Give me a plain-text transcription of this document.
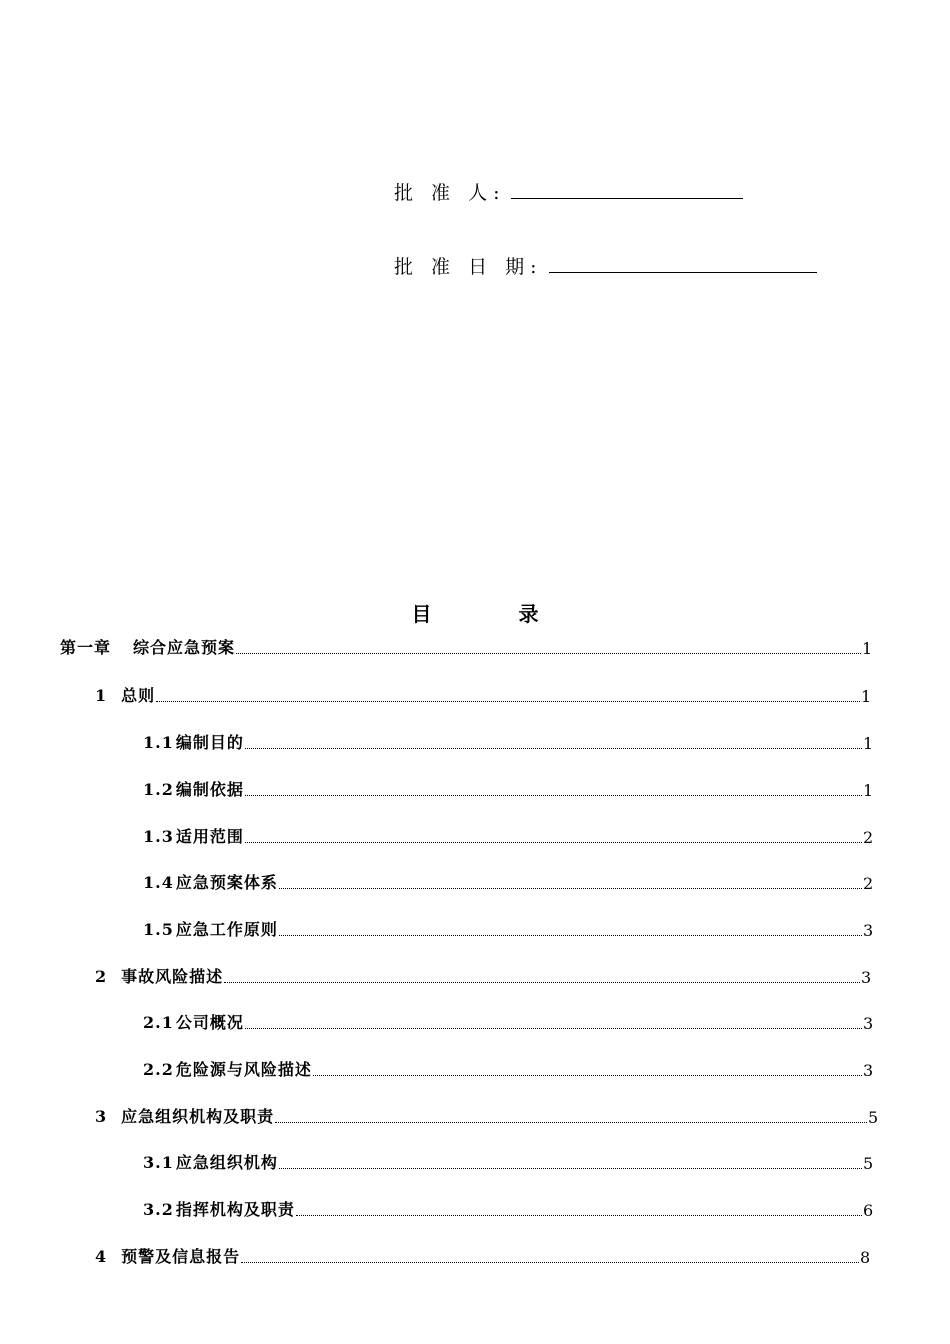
批 准 人:
批 准 日 期:
目 录
第一章 综合应急预案	1
1 总则	1
1.1 编制目的	1
1.2 编制依据	1
1.3 适用范围	2
1.4 应急预案体系	2
1.5 应急工作原则	3
2 事故风险描述	3
2.1 公司概况	3
2.2 危险源与风险描述	3
3 应急组织机构及职责	5
3.1 应急组织机构	5
3.2 指挥机构及职责	6
4 预警及信息报告	8
